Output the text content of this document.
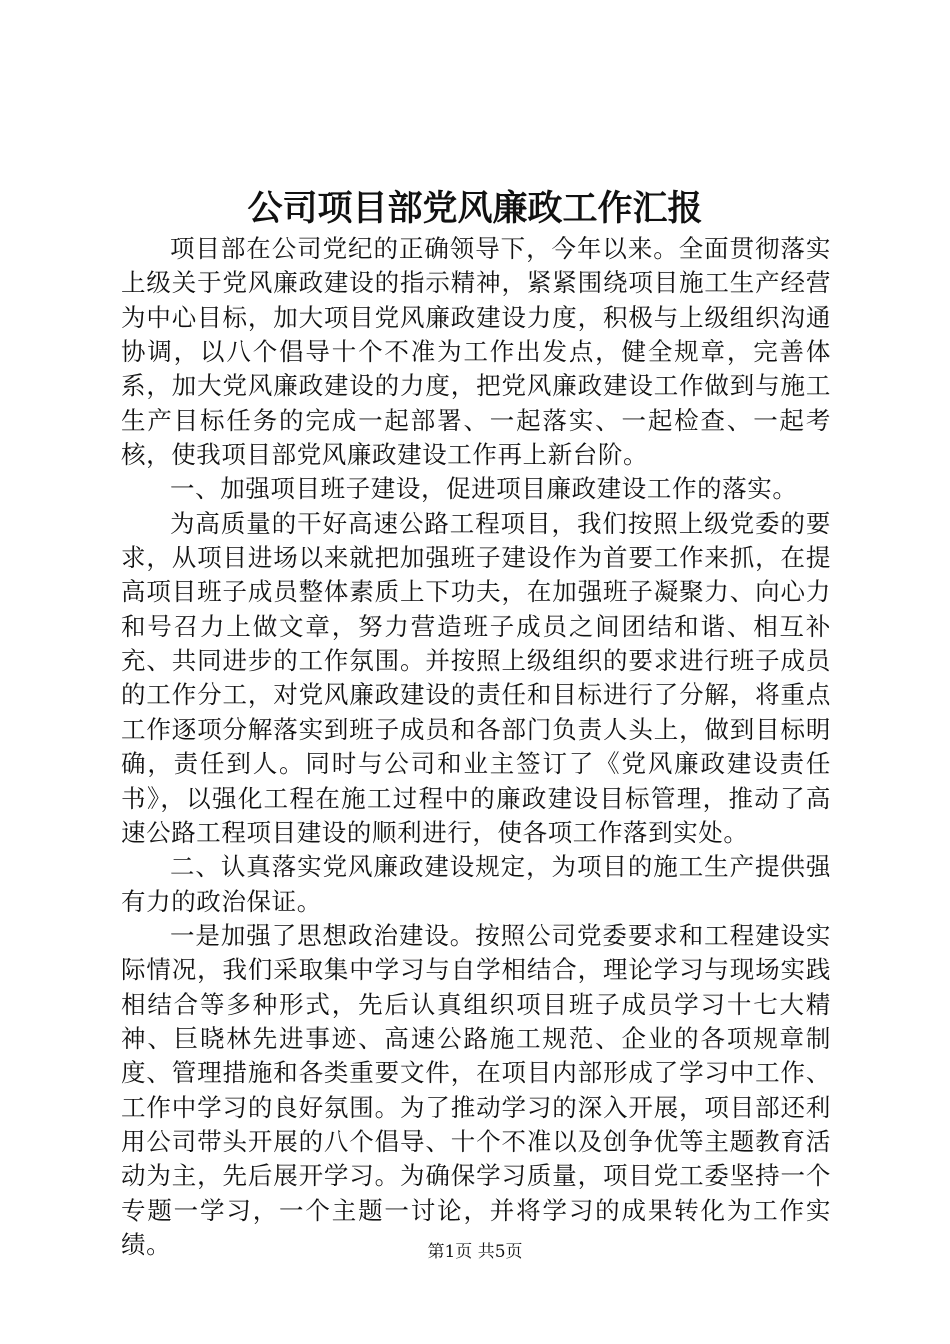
公司项目部党风廉政工作汇报

项目部在公司党纪的正确领导下，今年以来。全面贯彻落实上级关于党风廉政建设的指示精神，紧紧围绕项目施工生产经营为中心目标，加大项目党风廉政建设力度，积极与上级组织沟通协调，以八个倡导十个不准为工作出发点，健全规章，完善体系，加大党风廉政建设的力度，把党风廉政建设工作做到与施工生产目标任务的完成一起部署、一起落实、一起检查、一起考核，使我项目部党风廉政建设工作再上新台阶。

一、加强项目班子建设，促进项目廉政建设工作的落实。

为高质量的干好高速公路工程项目，我们按照上级党委的要求，从项目进场以来就把加强班子建设作为首要工作来抓，在提高项目班子成员整体素质上下功夫，在加强班子凝聚力、向心力和号召力上做文章，努力营造班子成员之间团结和谐、相互补充、共同进步的工作氛围。并按照上级组织的要求进行班子成员的工作分工，对党风廉政建设的责任和目标进行了分解，将重点工作逐项分解落实到班子成员和各部门负责人头上，做到目标明确，责任到人。同时与公司和业主签订了《党风廉政建设责任书》，以强化工程在施工过程中的廉政建设目标管理，推动了高速公路工程项目建设的顺利进行，使各项工作落到实处。

二、认真落实党风廉政建设规定，为项目的施工生产提供强有力的政治保证。

一是加强了思想政治建设。按照公司党委要求和工程建设实际情况，我们采取集中学习与自学相结合，理论学习与现场实践相结合等多种形式，先后认真组织项目班子成员学习十七大精神、巨晓林先进事迹、高速公路施工规范、企业的各项规章制度、管理措施和各类重要文件，在项目内部形成了学习中工作、工作中学习的良好氛围。为了推动学习的深入开展，项目部还利用公司带头开展的八个倡导、十个不准以及创争优等主题教育活动为主，先后展开学习。为确保学习质量，项目党工委坚持一个专题一学习，一个主题一讨论，并将学习的成果转化为工作实绩。	第1页 共5页
